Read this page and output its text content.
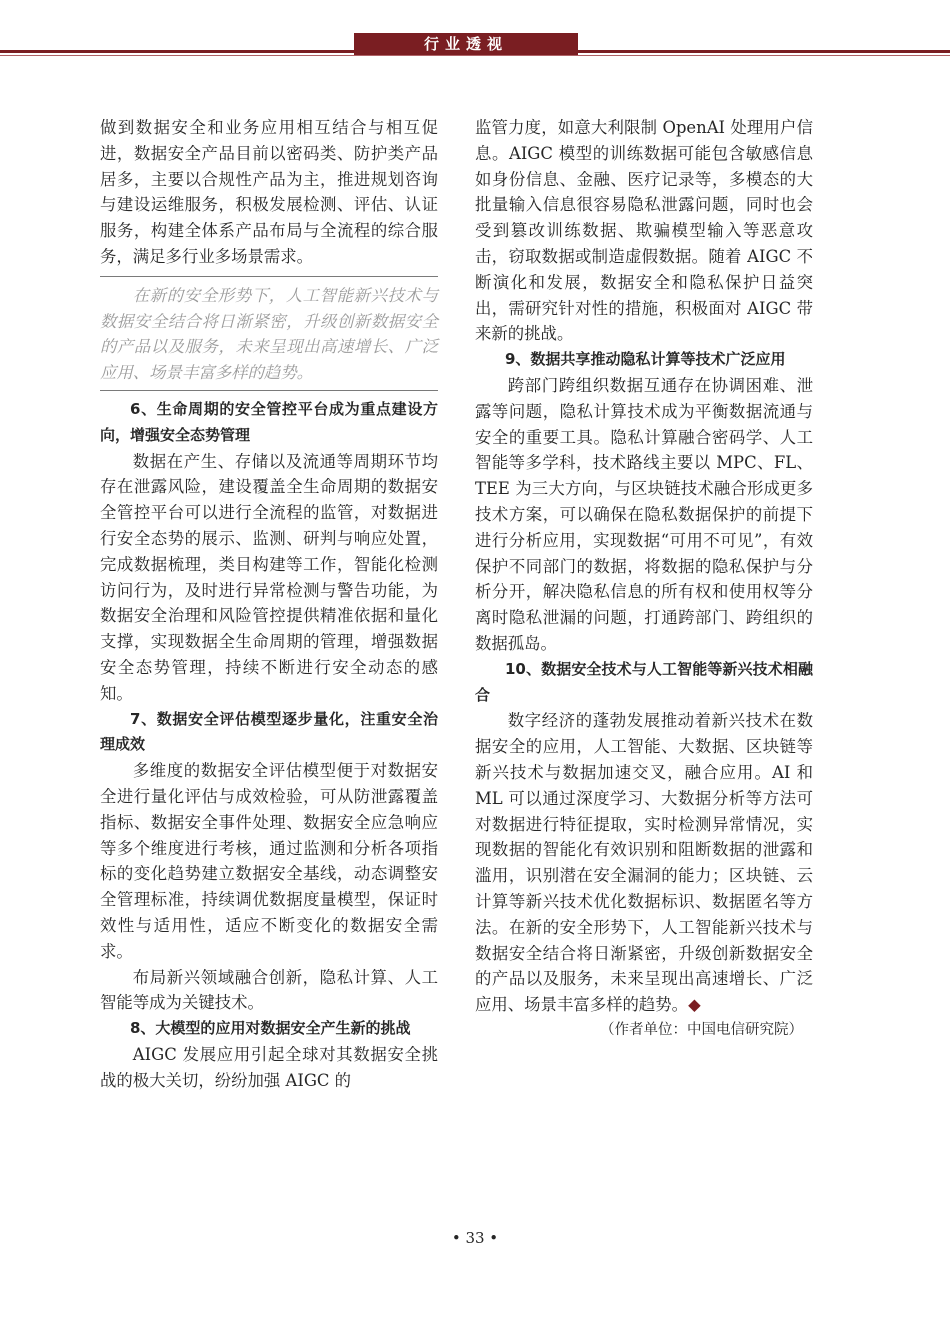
行业透视

做到数据安全和业务应用相互结合与相互促进，数据安全产品目前以密码类、防护类产品居多，主要以合规性产品为主，推进规划咨询与建设运维服务，积极发展检测、评估、认证服务，构建全体系产品布局与全流程的综合服务，满足多行业多场景需求。

在新的安全形势下，人工智能新兴技术与数据安全结合将日渐紧密，升级创新数据安全的产品以及服务，未来呈现出高速增长、广泛应用、场景丰富多样的趋势。

6、生命周期的安全管控平台成为重点建设方向，增强安全态势管理

数据在产生、存储以及流通等周期环节均存在泄露风险，建设覆盖全生命周期的数据安全管控平台可以进行全流程的监管，对数据进行安全态势的展示、监测、研判与响应处置，完成数据梳理，类目构建等工作，智能化检测访问行为，及时进行异常检测与警告功能，为数据安全治理和风险管控提供精准依据和量化支撑，实现数据全生命周期的管理，增强数据安全态势管理，持续不断进行安全动态的感知。

7、数据安全评估模型逐步量化，注重安全治理成效

多维度的数据安全评估模型便于对数据安全进行量化评估与成效检验，可从防泄露覆盖指标、数据安全事件处理、数据安全应急响应等多个维度进行考核，通过监测和分析各项指标的变化趋势建立数据安全基线，动态调整安全管理标准，持续调优数据度量模型，保证时效性与适用性，适应不断变化的数据安全需求。

布局新兴领域融合创新，隐私计算、人工智能等成为关键技术。

8、大模型的应用对数据安全产生新的挑战

AIGC 发展应用引起全球对其数据安全挑战的极大关切，纷纷加强 AIGC 的

监管力度，如意大利限制 OpenAI 处理用户信息。AIGC 模型的训练数据可能包含敏感信息如身份信息、金融、医疗记录等，多模态的大批量输入信息很容易隐私泄露问题，同时也会受到篡改训练数据、欺骗模型输入等恶意攻击，窃取数据或制造虚假数据。随着 AIGC 不断演化和发展，数据安全和隐私保护日益突出，需研究针对性的措施，积极面对 AIGC 带来新的挑战。

9、数据共享推动隐私计算等技术广泛应用

跨部门跨组织数据互通存在协调困难、泄露等问题，隐私计算技术成为平衡数据流通与安全的重要工具。隐私计算融合密码学、人工智能等多学科，技术路线主要以 MPC、FL、TEE 为三大方向，与区块链技术融合形成更多技术方案，可以确保在隐私数据保护的前提下进行分析应用，实现数据“可用不可见”，有效保护不同部门的数据，将数据的隐私保护与分析分开，解决隐私信息的所有权和使用权等分离时隐私泄漏的问题，打通跨部门、跨组织的数据孤岛。

10、数据安全技术与人工智能等新兴技术相融合

数字经济的蓬勃发展推动着新兴技术在数据安全的应用，人工智能、大数据、区块链等新兴技术与数据加速交叉，融合应用。AI 和 ML 可以通过深度学习、大数据分析等方法可对数据进行特征提取，实时检测异常情况，实现数据的智能化有效识别和阻断数据的泄露和滥用，识别潜在安全漏洞的能力；区块链、云计算等新兴技术优化数据标识、数据匿名等方法。在新的安全形势下，人工智能新兴技术与数据安全结合将日渐紧密，升级创新数据安全的产品以及服务，未来呈现出高速增长、广泛应用、场景丰富多样的趋势。◆

（作者单位：中国电信研究院）

• 33 •
